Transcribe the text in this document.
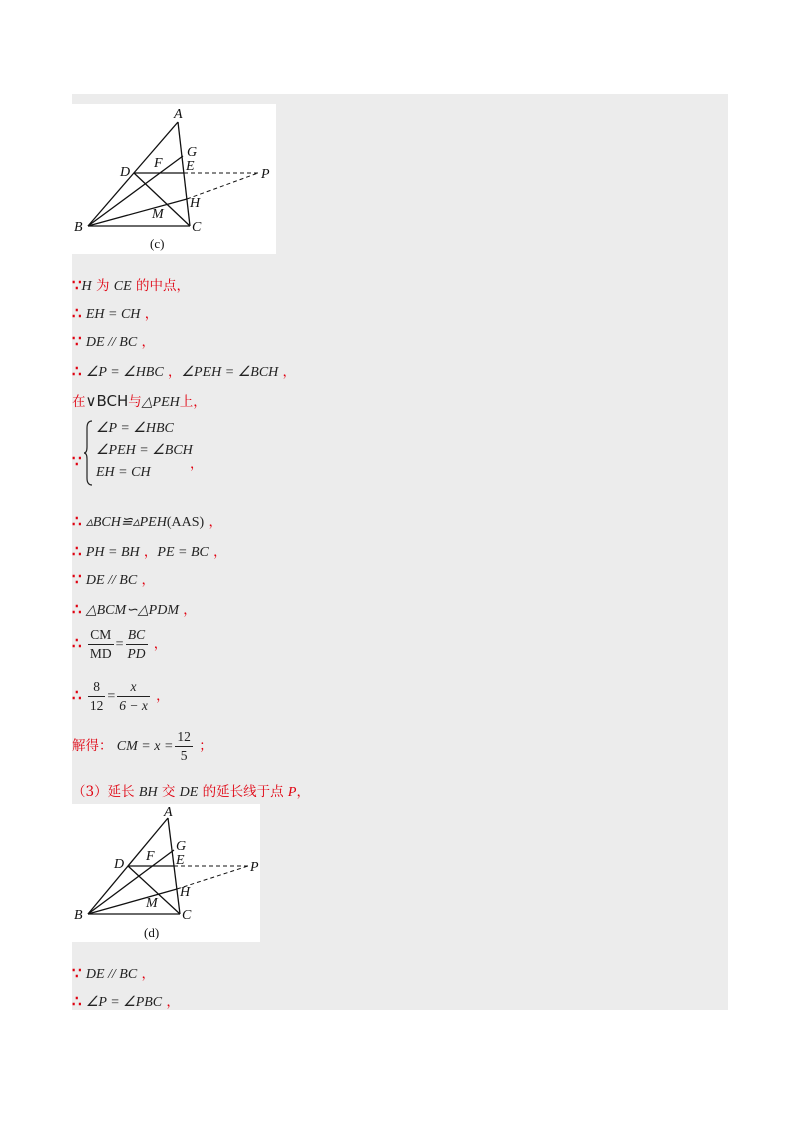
A
G
D
F E
P
H
M
B	C
(c)
∵H 为 CE 的中点，
∴ EH = CH ，
∵ DE // BC ，
∴ ∠P = ∠HBC ，∠PEH = ∠BCH ，
在∨BCH与△PEH上，
∵
∠P = ∠HBC
∠PEH = ∠BCH
EH = CH
，
∴ ▵BCH≌▵PEH(AAS) ，
∴ PH = BH ，PE = BC ，
∵ DE // BC ，
∴ △BCM∽△PDM ，
∴ $\frac{CM}{MD} = \frac{BC}{PD}$ ，
∴ $\frac{8}{12} = \frac{x}{6 - x}$ ，
解得： CM = $x = \frac{12}{5}$ ；
（3）延长 BH 交 DE 的延长线于点 P，
A
G
D
F E	P
H
M
B	C
(d)
∵ DE // BC ，
∴ ∠P = ∠PBC ，
